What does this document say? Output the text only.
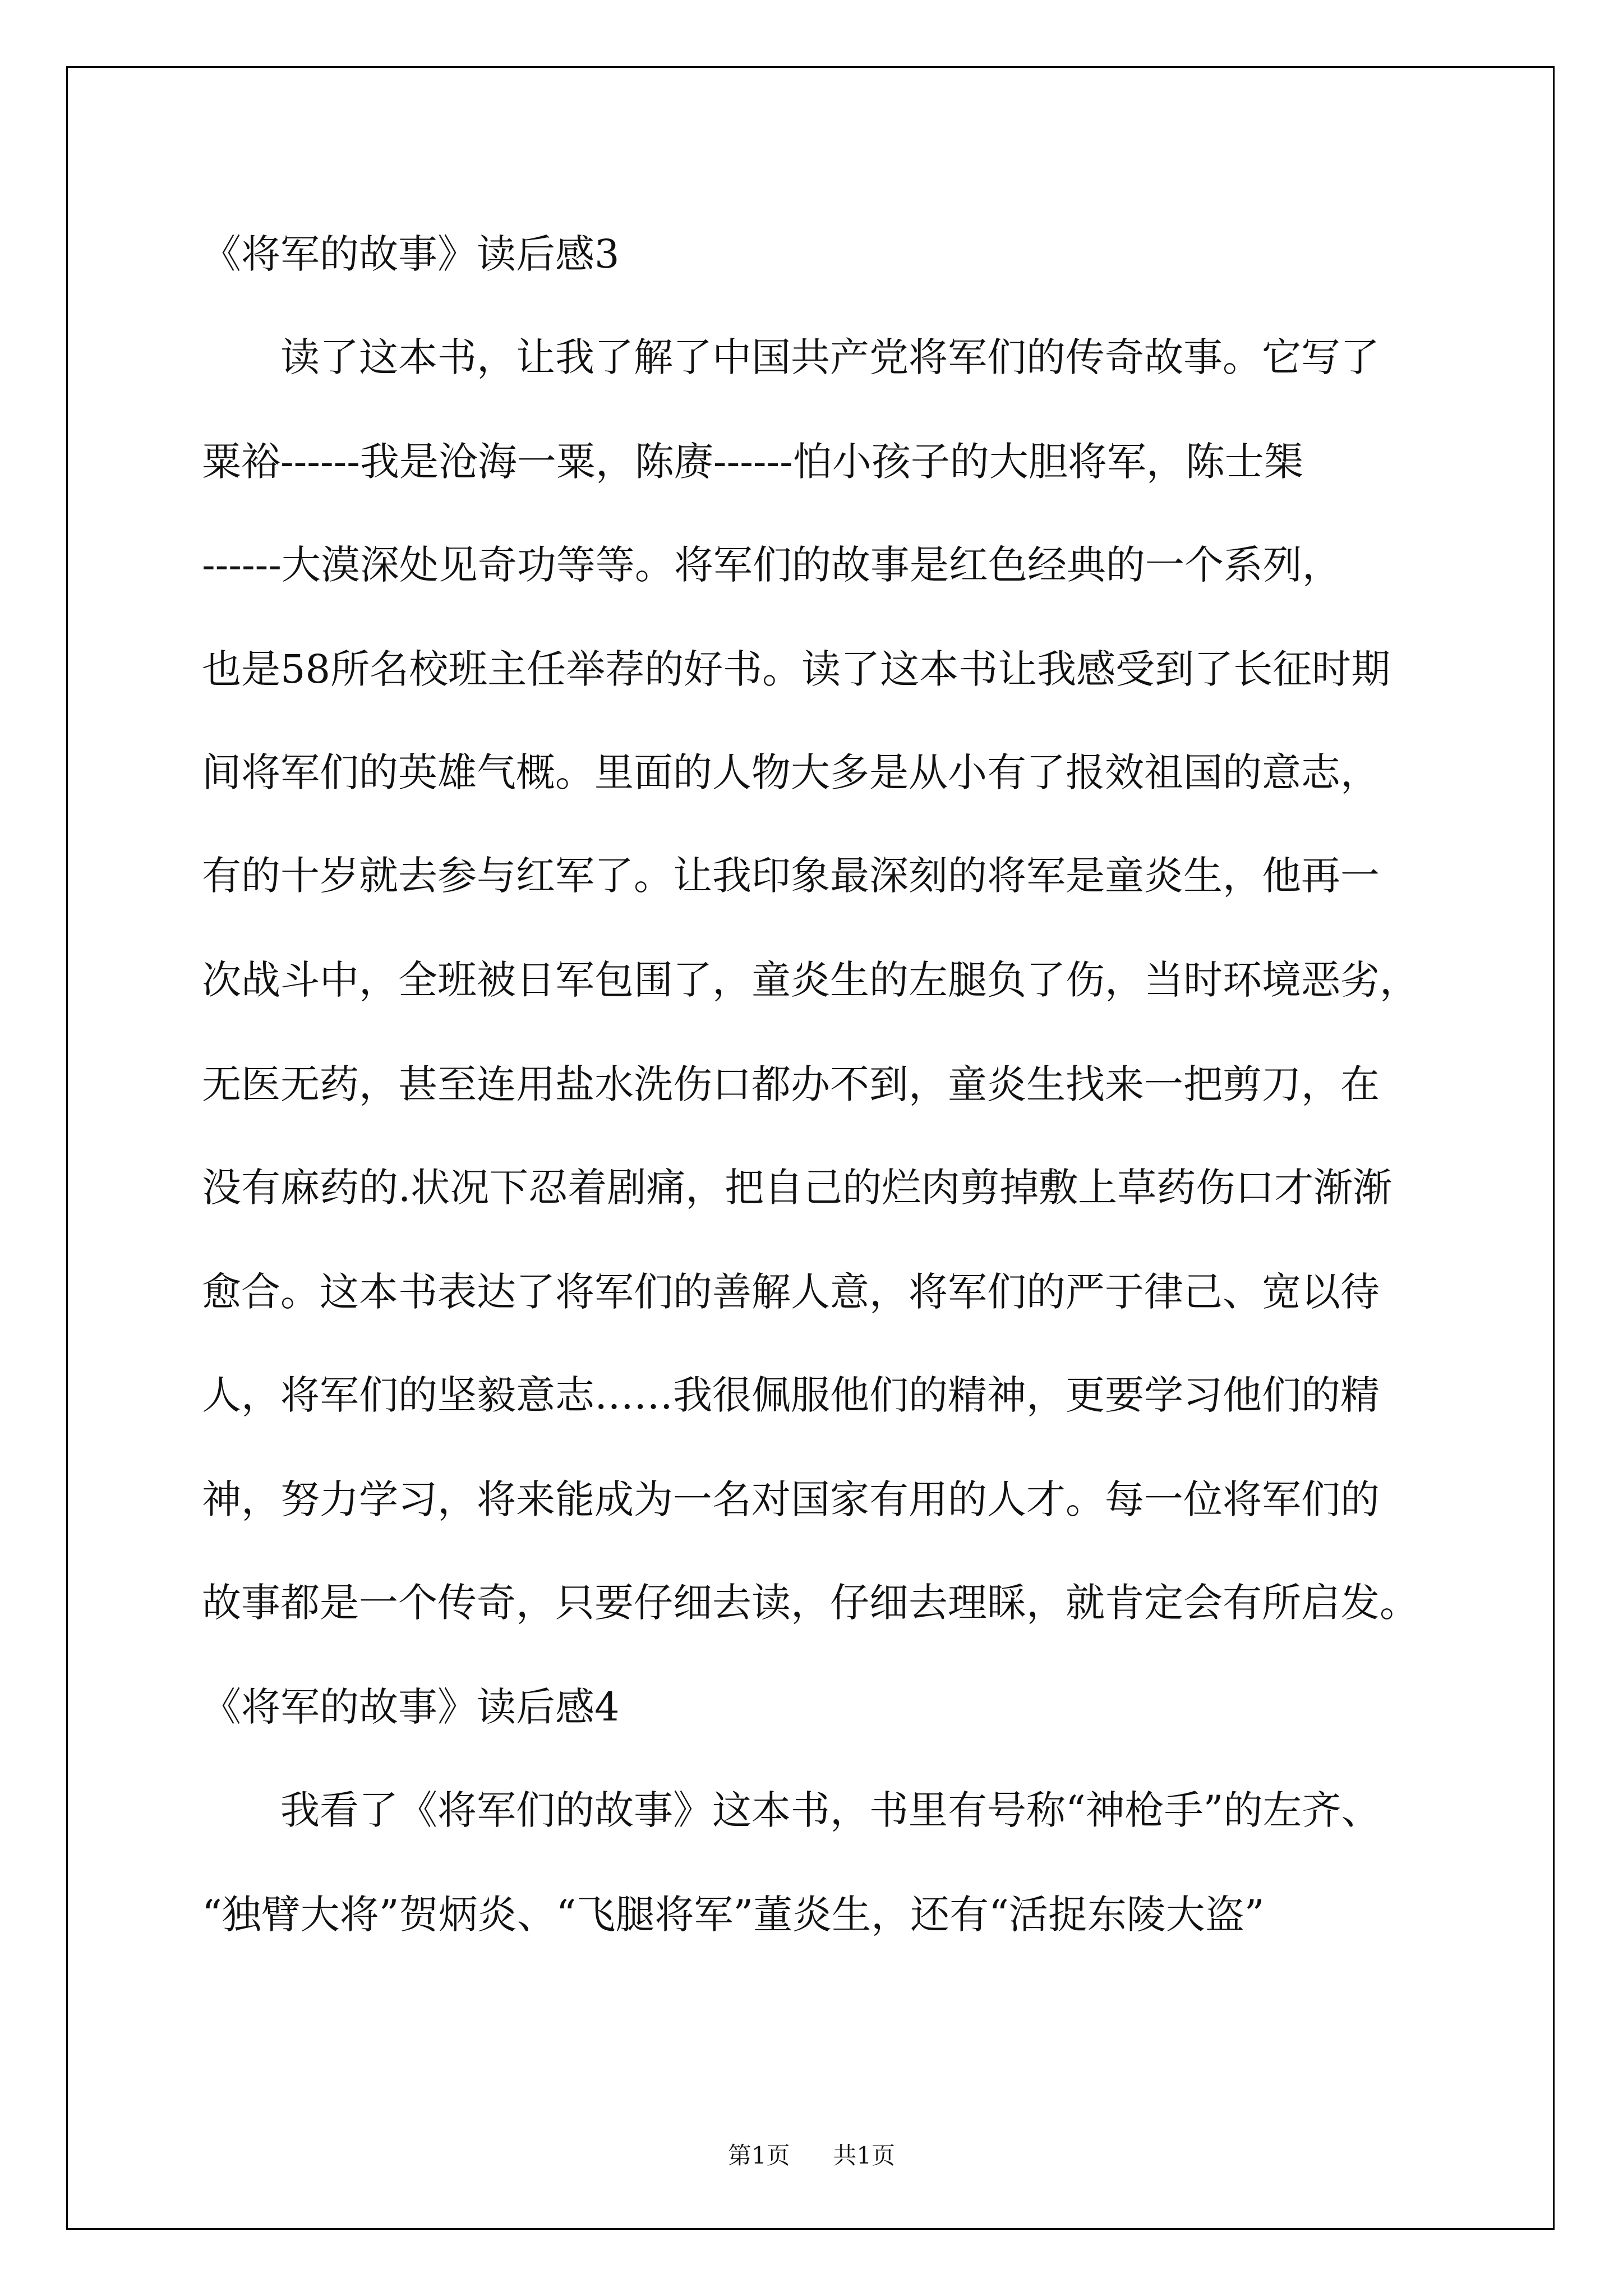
《将军的故事》读后感3
读了这本书，让我了解了中国共产党将军们的传奇故事。它写了
粟裕------我是沧海一粟，陈赓------怕小孩子的大胆将军，陈士榘
------大漠深处见奇功等等。将军们的故事是红色经典的一个系列，
也是58所名校班主任举荐的好书。读了这本书让我感受到了长征时期
间将军们的英雄气概。里面的人物大多是从小有了报效祖国的意志，
有的十岁就去参与红军了。让我印象最深刻的将军是童炎生，他再一
次战斗中，全班被日军包围了，童炎生的左腿负了伤，当时环境恶劣，
无医无药，甚至连用盐水洗伤口都办不到，童炎生找来一把剪刀，在
没有麻药的.状况下忍着剧痛，把自己的烂肉剪掉敷上草药伤口才渐渐
愈合。这本书表达了将军们的善解人意，将军们的严于律己、宽以待
人，将军们的坚毅意志……我很佩服他们的精神，更要学习他们的精
神，努力学习，将来能成为一名对国家有用的人才。每一位将军们的
故事都是一个传奇，只要仔细去读，仔细去理睬，就肯定会有所启发。
《将军的故事》读后感4
我看了《将军们的故事》这本书，书里有号称“神枪手”的左齐、
“独臂大将”贺炳炎、“飞腿将军”董炎生，还有“活捉东陵大盗”
第1页 共1页
